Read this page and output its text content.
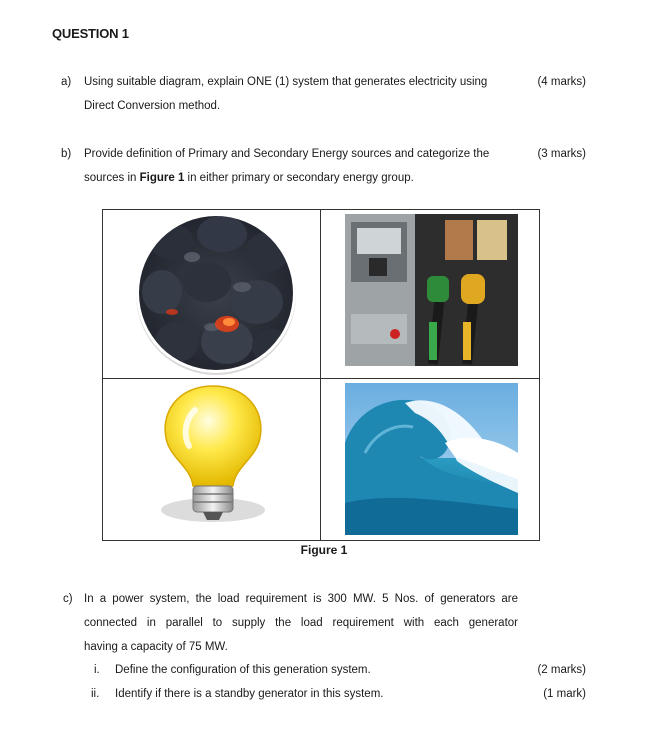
QUESTION 1
a) Using suitable diagram, explain ONE (1) system that generates electricity using
Direct Conversion method.
(4 marks)
b) Provide definition of Primary and Secondary Energy sources and categorize the
sources in Figure 1 in either primary or secondary energy group.
(3 marks)
Figure 1
c) In a power system, the load requirement is 300 MW. 5 Nos. of generators are
connected in parallel to supply the load requirement with each generator
having a capacity of 75 MW.
i. Define the configuration of this generation system.	(2 marks)
ii. Identify if there is a standby generator in this system.	(1 mark)
